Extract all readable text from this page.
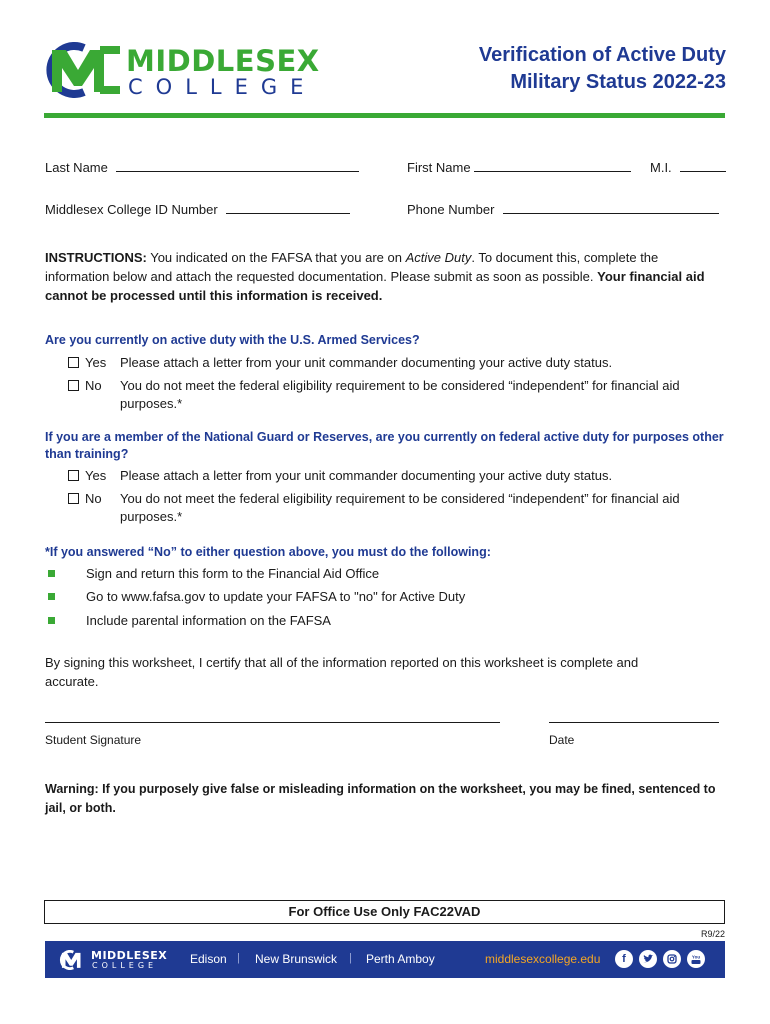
MIDDLESEX
COLLEGE
Verification of Active Duty
Military Status 2022-23
Last Name	First Name	M.I.
Middlesex College ID Number	Phone Number
INSTRUCTIONS: You indicated on the FAFSA that you are on Active Duty. To document this, complete the information below and attach the requested documentation. Please submit as soon as possible. Your financial aid cannot be processed until this information is received.
Are you currently on active duty with the U.S. Armed Services?
Yes Please attach a letter from your unit commander documenting your active duty status.
No You do not meet the federal eligibility requirement to be considered “independent” for financial aid purposes.*
If you are a member of the National Guard or Reserves, are you currently on federal active duty for purposes other than training?
Yes Please attach a letter from your unit commander documenting your active duty status.
No You do not meet the federal eligibility requirement to be considered “independent” for financial aid purposes.*
*If you answered “No” to either question above, you must do the following:
Sign and return this form to the Financial Aid Office
Go to www.fafsa.gov to update your FAFSA to "no" for Active Duty
Include parental information on the FAFSA
By signing this worksheet, I certify that all of the information reported on this worksheet is complete and accurate.
Student Signature	Date
Warning: If you purposely give false or misleading information on the worksheet, you may be fined, sentenced to jail, or both.
For Office Use Only FAC22VAD
R9/22
MIDDLESEX
COLLEGE	Edison | New Brunswick | Perth Amboy	middlesexcollege.edu	f	You
